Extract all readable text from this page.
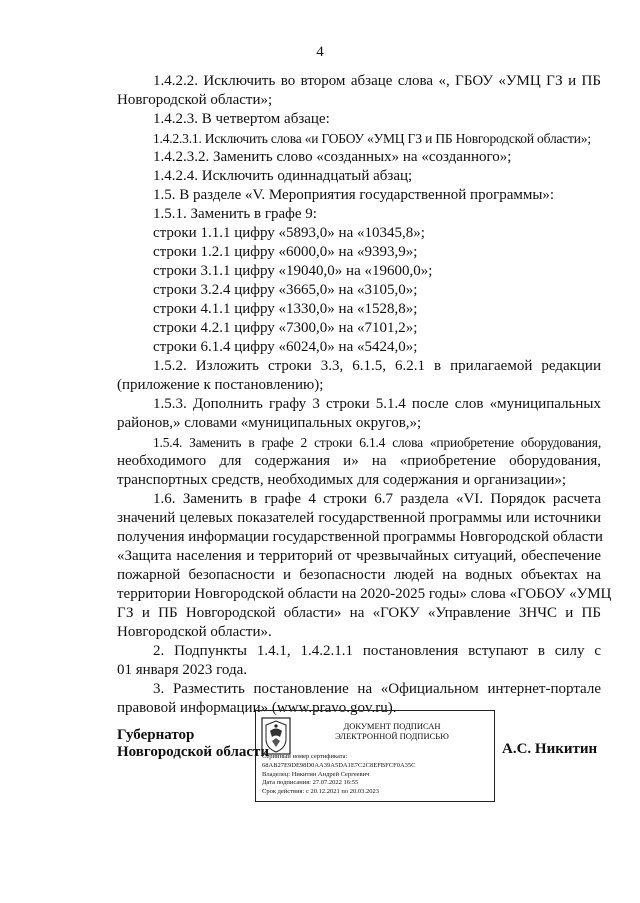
4
1.4.2.2. Исключить во втором абзаце слова «, ГБОУ «УМЦ ГЗ и ПБ
Новгородской области»;
1.4.2.3. В четвертом абзаце:
1.4.2.3.1. Исключить слова «и ГОБОУ «УМЦ ГЗ и ПБ Новгородской области»;
1.4.2.3.2. Заменить слово «созданных» на «созданного»;
1.4.2.4. Исключить одиннадцатый абзац;
1.5. В разделе «V. Мероприятия государственной программы»:
1.5.1. Заменить в графе 9:
строки 1.1.1 цифру «5893,0» на «10345,8»;
строки 1.2.1 цифру «6000,0» на «9393,9»;
строки 3.1.1 цифру «19040,0» на «19600,0»;
строки 3.2.4 цифру «3665,0» на «3105,0»;
строки 4.1.1 цифру «1330,0» на «1528,8»;
строки 4.2.1 цифру «7300,0» на «7101,2»;
строки 6.1.4 цифру «6024,0» на «5424,0»;
1.5.2. Изложить строки 3.3, 6.1.5, 6.2.1 в прилагаемой редакции
(приложение к постановлению);
1.5.3. Дополнить графу 3 строки 5.1.4 после слов «муниципальных
районов,» словами «муниципальных округов,»;
1.5.4. Заменить в графе 2 строки 6.1.4 слова «приобретение оборудования,
необходимого для содержания и» на «приобретение оборудования,
транспортных средств, необходимых для содержания и организации»;
1.6. Заменить в графе 4 строки 6.7 раздела «VI. Порядок расчета
значений целевых показателей государственной программы или источники
получения информации государственной программы Новгородской области
«Защита населения и территорий от чрезвычайных ситуаций, обеспечение
пожарной безопасности и безопасности людей на водных объектах на
территории Новгородской области на 2020-2025 годы» слова «ГОБОУ «УМЦ
ГЗ и ПБ Новгородской области» на «ГОКУ «Управление ЗНЧС и ПБ
Новгородской области».
2. Подпункты 1.4.1, 1.4.2.1.1 постановления вступают в силу с
01 января 2023 года.
3. Разместить постановление на «Официальном интернет-портале
правовой информации» (www.pravo.gov.ru).
Губернатор
Новгородской области
ДОКУМЕНТ ПОДПИСАН
ЭЛЕКТРОННОЙ ПОДПИСЬЮ
Серийный номер сертификата:
68AB27E9DE98D0AA39A5DA1E7C2C8EFBFCF0A35C
Владелец: Никитин Андрей Сергеевич
Дата подписания: 27.07.2022 16:55
Срок действия: с 20.12.2021 по 20.03.2023
А.С. Никитин
